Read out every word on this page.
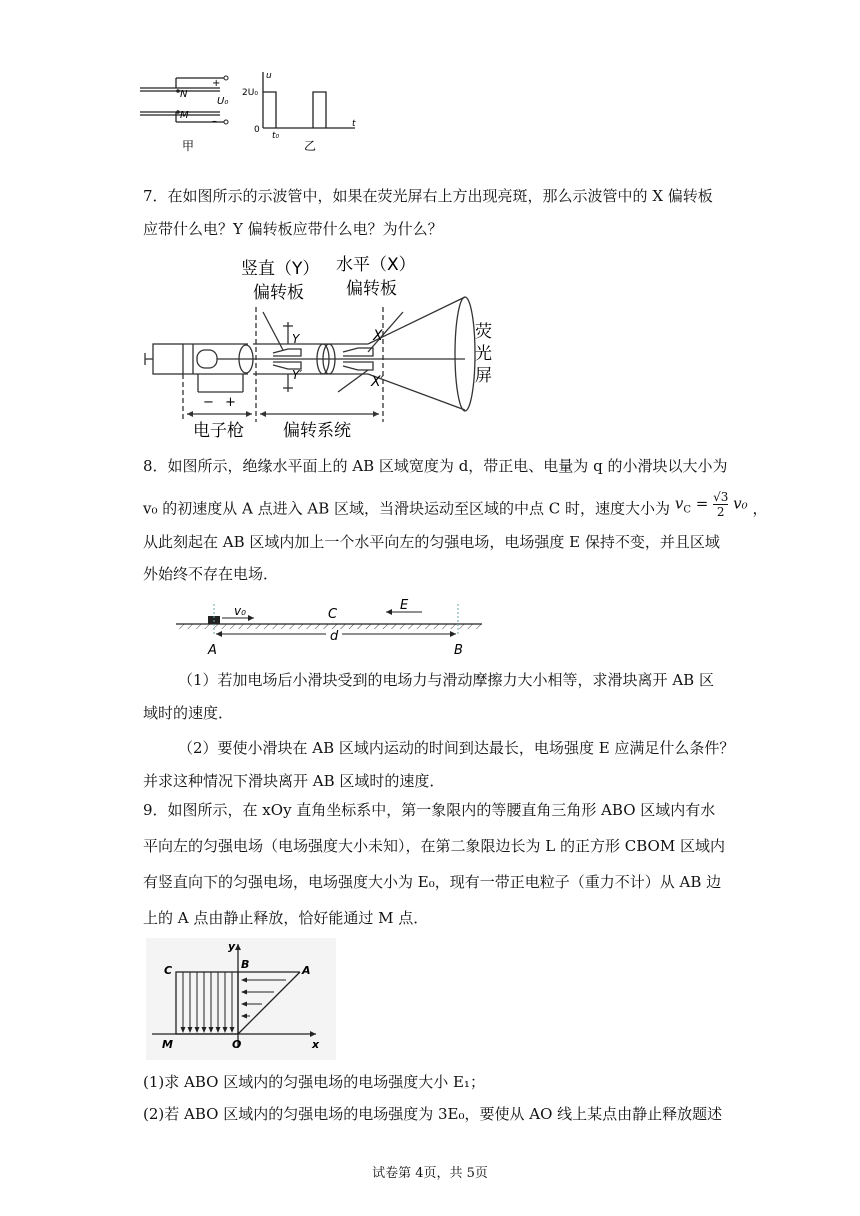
N
M
+
–
U₀
u
2U₀
0
t₀
t
甲	乙
7．在如图所示的示波管中，如果在荧光屏右上方出现亮斑，那么示波管中的 X 偏转板
应带什么电？Y 偏转板应带什么电？为什么？
竖直（Y）
偏转板
水平（X）
偏转板
Y
Y′
X
X′
荧
光
屏
− +
电子枪 偏转系统
8．如图所示，绝缘水平面上的 AB 区域宽度为 d，带正电、电量为 q 的小滑块以大小为
v₀ 的初速度从 A 点进入 AB 区域，当滑块运动至区域的中点 C 时，速度大小为 $v_C = \frac{√3}{2} v_0$ ，
从此刻起在 AB 区域内加上一个水平向左的匀强电场，电场强度 E 保持不变，并且区域
外始终不存在电场．
v₀	C
E
d
A	B
（1）若加电场后小滑块受到的电场力与滑动摩擦力大小相等，求滑块离开 AB 区
域时的速度．
（2）要使小滑块在 AB 区域内运动的时间到达最长，电场强度 E 应满足什么条件？
并求这种情况下滑块离开 AB 区域时的速度．
9．如图所示，在 xOy 直角坐标系中，第一象限内的等腰直角三角形 ABO 区域内有水
平向左的匀强电场（电场强度大小未知），在第二象限边长为 L 的正方形 CBOM 区域内
有竖直向下的匀强电场，电场强度大小为 E₀，现有一带正电粒子（重力不计）从 AB 边
上的 A 点由静止释放，恰好能通过 M 点．
y
x
C	B	A
M	O
(1)求 ABO 区域内的匀强电场的电场强度大小 E₁；
(2)若 ABO 区域内的匀强电场的电场强度为 3E₀，要使从 AO 线上某点由静止释放题述
试卷第 4页，共 5页
